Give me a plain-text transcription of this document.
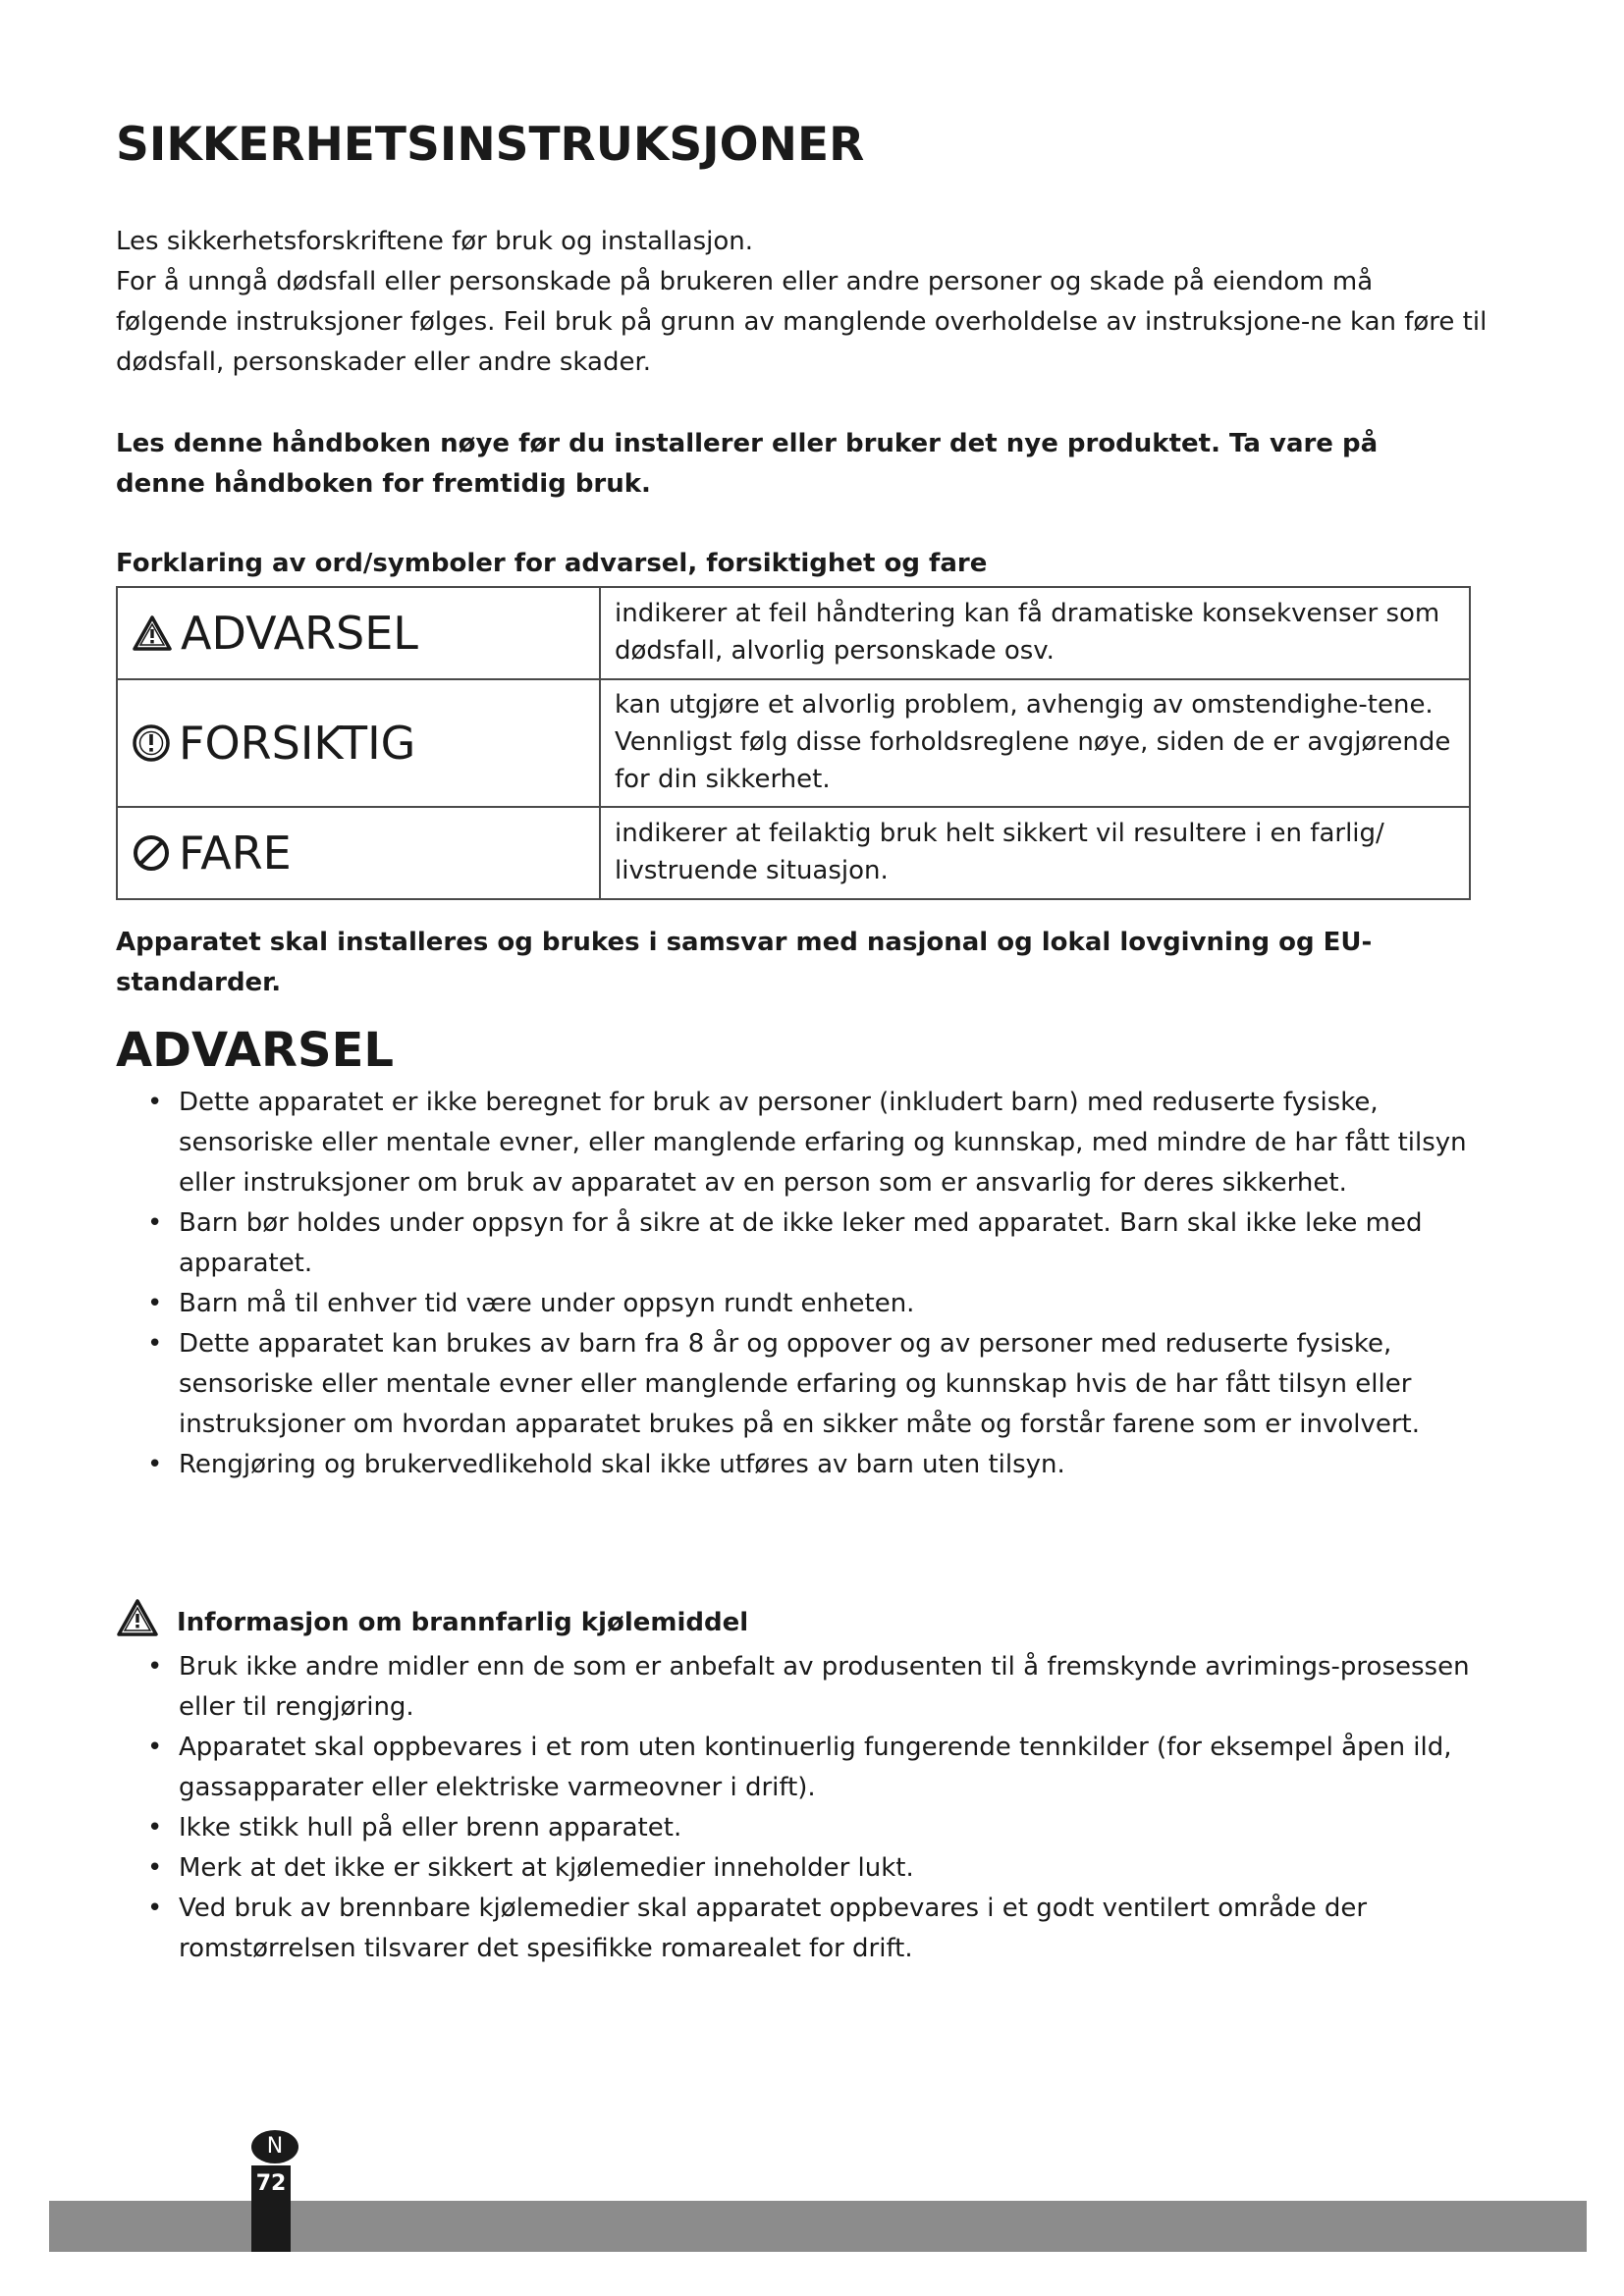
SIKKERHETSINSTRUKSJONER

Les sikkerhetsforskriftene før bruk og installasjon.

For å unngå dødsfall eller personskade på brukeren eller andre personer og skade på eiendom må følgende instruksjoner følges. Feil bruk på grunn av manglende overholdelse av instruksjone-ne kan føre til dødsfall, personskader eller andre skader.

Les denne håndboken nøye før du installerer eller bruker det nye produktet. Ta vare på denne håndboken for fremtidig bruk.
Forklaring av ord/symboler for advarsel, forsiktighet og fare
ADVARSEL	indikerer at feil håndtering kan få dramatiske konsekvenser som dødsfall, alvorlig personskade osv.

FORSIKTIG	kan utgjøre et alvorlig problem, avhengig av omstendighe-tene. Vennligst følg disse forholdsreglene nøye, siden de er avgjørende for din sikkerhet.

FARE	indikerer at feilaktig bruk helt sikkert vil resultere i en farlig/ livstruende situasjon.
Apparatet skal installeres og brukes i samsvar med nasjonal og lokal lovgivning og EU-standarder.
ADVARSEL
• Dette apparatet er ikke beregnet for bruk av personer (inkludert barn) med reduserte fysiske, sensoriske eller mentale evner, eller manglende erfaring og kunnskap, med mindre de har fått tilsyn eller instruksjoner om bruk av apparatet av en person som er ansvarlig for deres sikkerhet.
• Barn bør holdes under oppsyn for å sikre at de ikke leker med apparatet. Barn skal ikke leke med apparatet.
• Barn må til enhver tid være under oppsyn rundt enheten.
• Dette apparatet kan brukes av barn fra 8 år og oppover og av personer med reduserte fysiske, sensoriske eller mentale evner eller manglende erfaring og kunnskap hvis de har fått tilsyn eller instruksjoner om hvordan apparatet brukes på en sikker måte og forstår farene som er involvert.
• Rengjøring og brukervedlikehold skal ikke utføres av barn uten tilsyn.
Informasjon om brannfarlig kjølemiddel
• Bruk ikke andre midler enn de som er anbefalt av produsenten til å fremskynde avrimings-prosessen eller til rengjøring.
• Apparatet skal oppbevares i et rom uten kontinuerlig fungerende tennkilder (for eksempel åpen ild, gassapparater eller elektriske varmeovner i drift).
• Ikke stikk hull på eller brenn apparatet.
• Merk at det ikke er sikkert at kjølemedier inneholder lukt.
• Ved bruk av brennbare kjølemedier skal apparatet oppbevares i et godt ventilert område der romstørrelsen tilsvarer det spesifikke romarealet for drift.
N
72
